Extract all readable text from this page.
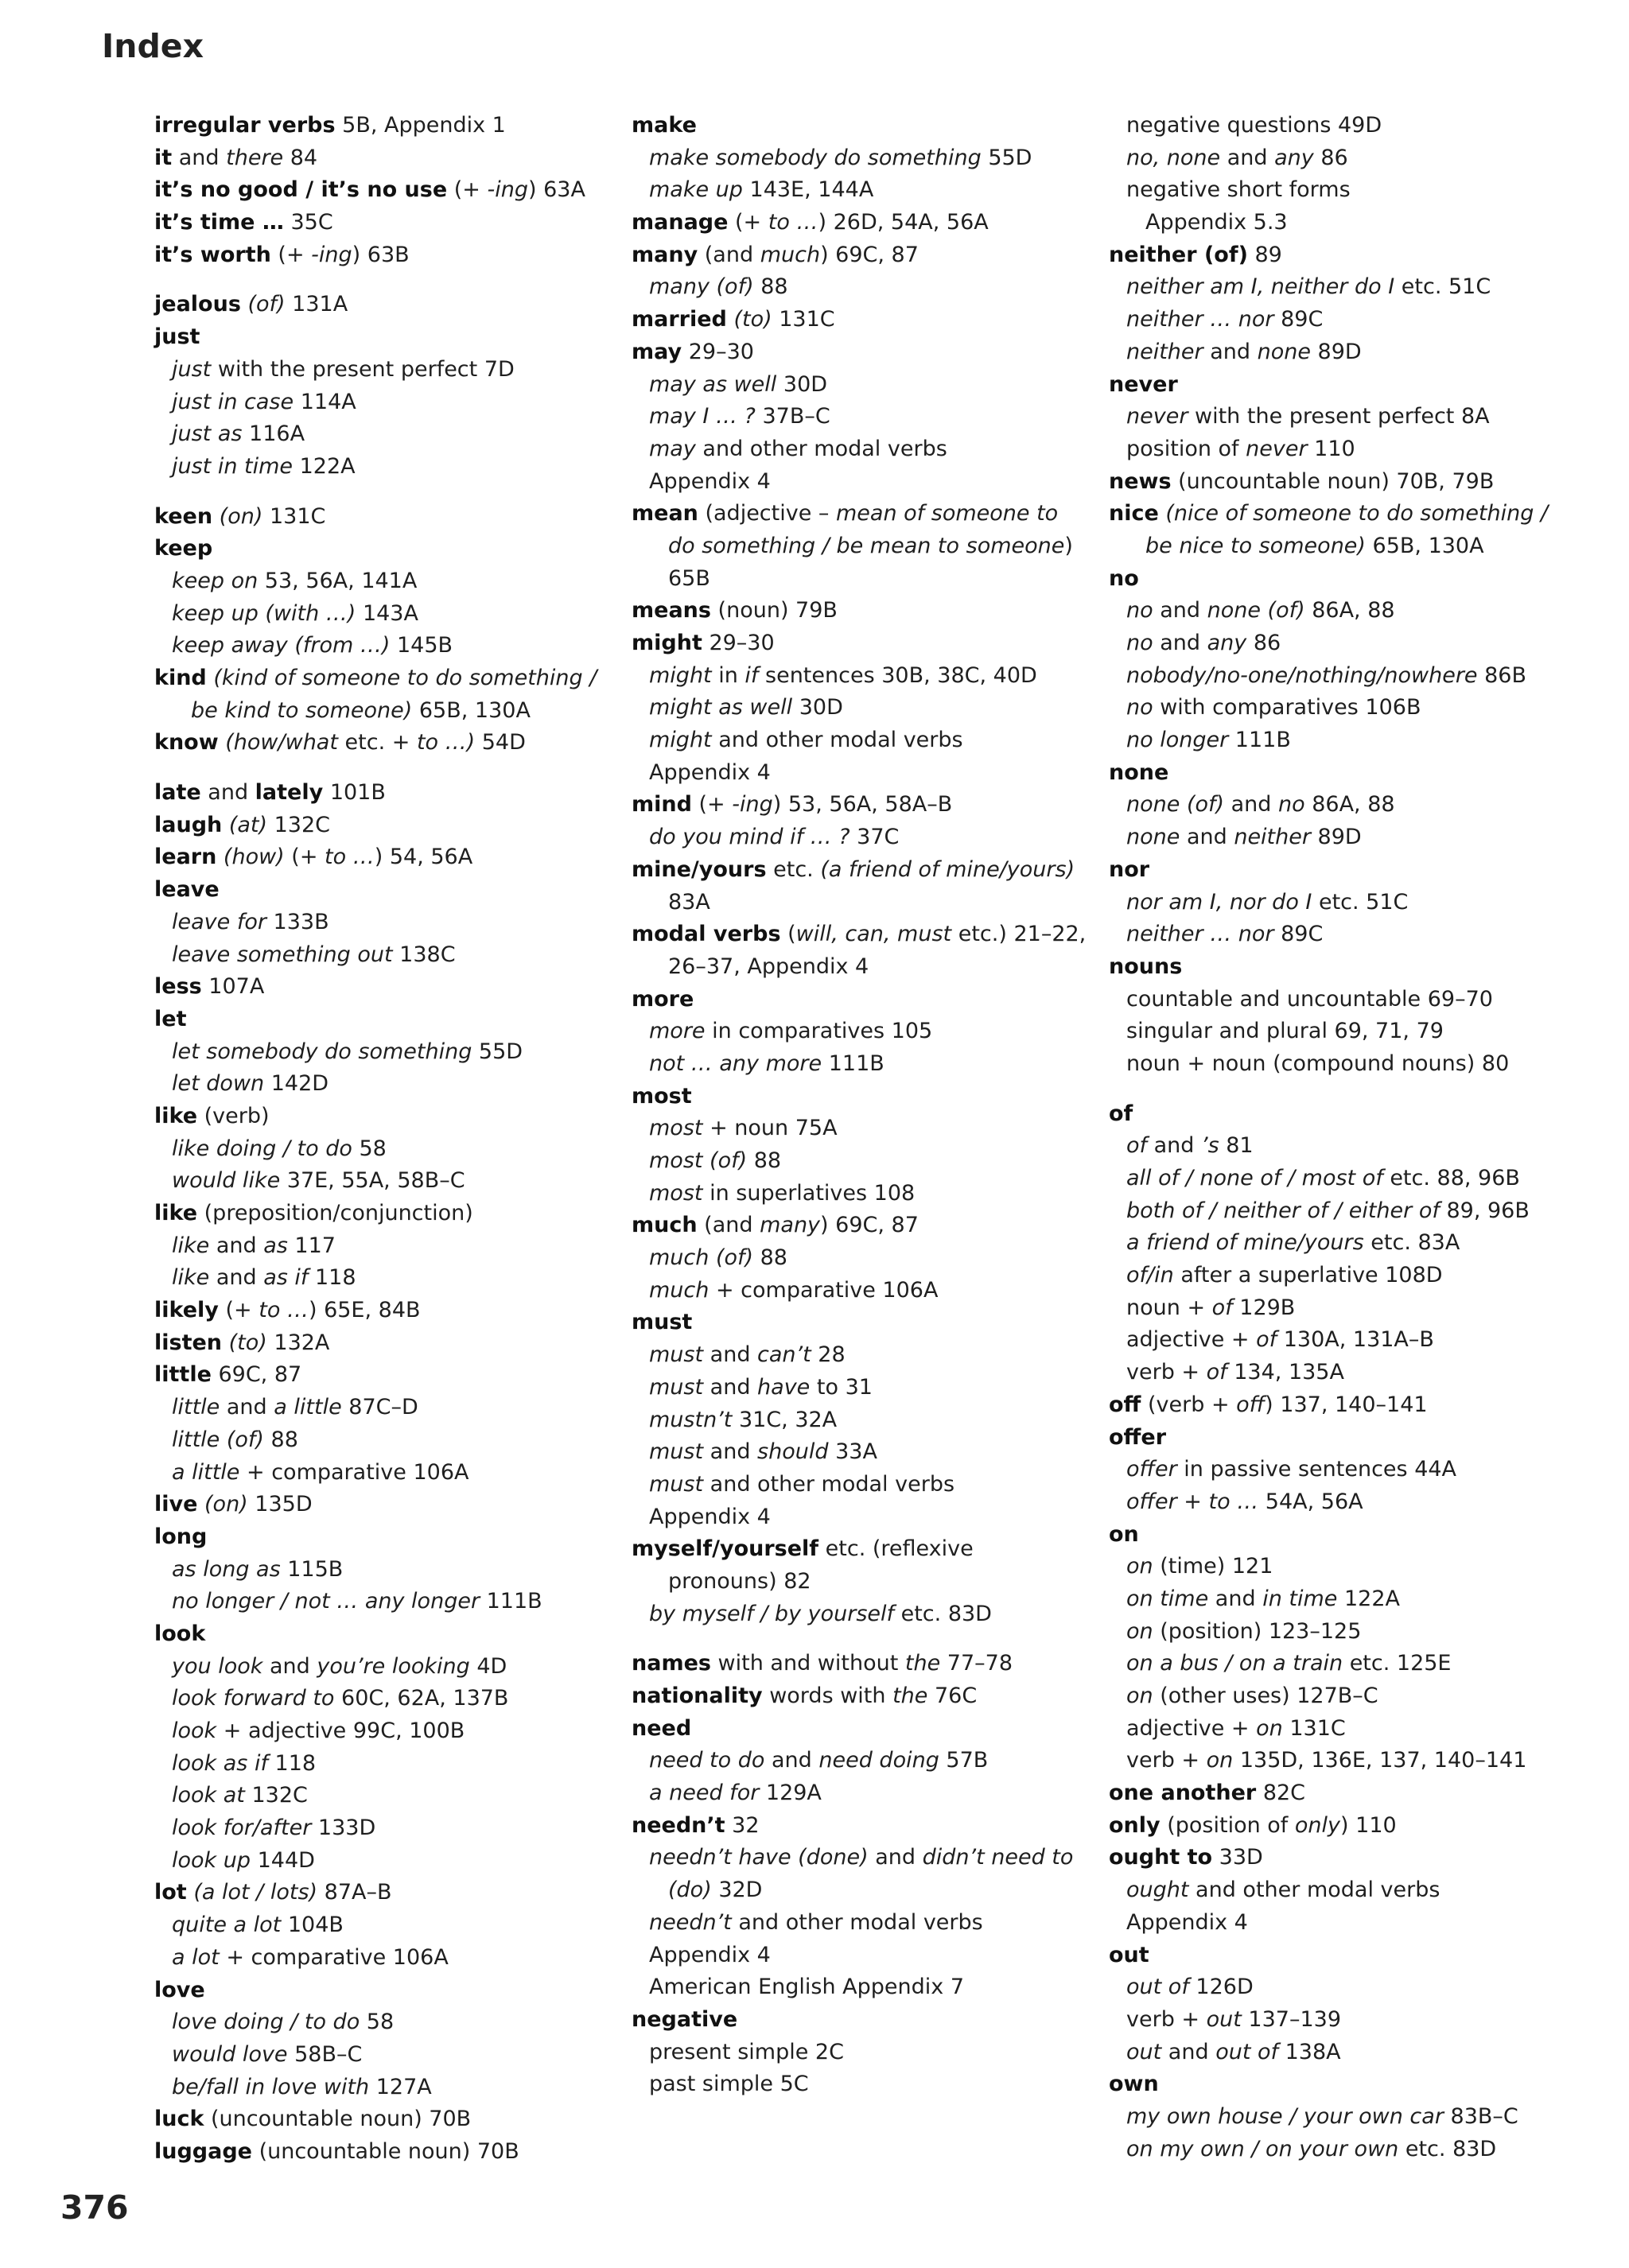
Index
irregular verbs 5B, Appendix 1
it and there 84
it’s no good / it’s no use (+ -ing) 63A
it’s time … 35C
it’s worth (+ -ing) 63B
jealous (of) 131A
just
just with the present perfect 7D
just in case 114A
just as 116A
just in time 122A
keen (on) 131C
keep
keep on 53, 56A, 141A
keep up (with …) 143A
keep away (from …) 145B
kind (kind of someone to do something /
be kind to someone) 65B, 130A
know (how/what etc. + to …) 54D
late and lately 101B
laugh (at) 132C
learn (how) (+ to …) 54, 56A
leave
leave for 133B
leave something out 138C
less 107A
let
let somebody do something 55D
let down 142D
like (verb)
like doing / to do 58
would like 37E, 55A, 58B–C
like (preposition/conjunction)
like and as 117
like and as if 118
likely (+ to …) 65E, 84B
listen (to) 132A
little 69C, 87
little and a little 87C–D
little (of) 88
a little + comparative 106A
live (on) 135D
long
as long as 115B
no longer / not … any longer 111B
look
you look and you’re looking 4D
look forward to 60C, 62A, 137B
look + adjective 99C, 100B
look as if 118
look at 132C
look for/after 133D
look up 144D
lot (a lot / lots) 87A–B
quite a lot 104B
a lot + comparative 106A
love
love doing / to do 58
would love 58B–C
be/fall in love with 127A
luck (uncountable noun) 70B
luggage (uncountable noun) 70B
make
make somebody do something 55D
make up 143E, 144A
manage (+ to …) 26D, 54A, 56A
many (and much) 69C, 87
many (of) 88
married (to) 131C
may 29–30
may as well 30D
may I … ? 37B–C
may and other modal verbs
Appendix 4
mean (adjective – mean of someone to
do something / be mean to someone)
65B
means (noun) 79B
might 29–30
might in if sentences 30B, 38C, 40D
might as well 30D
might and other modal verbs
Appendix 4
mind (+ -ing) 53, 56A, 58A–B
do you mind if … ? 37C
mine/yours etc. (a friend of mine/yours)
83A
modal verbs (will, can, must etc.) 21–22,
26–37, Appendix 4
more
more in comparatives 105
not … any more 111B
most
most + noun 75A
most (of) 88
most in superlatives 108
much (and many) 69C, 87
much (of) 88
much + comparative 106A
must
must and can’t 28
must and have to 31
mustn’t 31C, 32A
must and should 33A
must and other modal verbs
Appendix 4
myself/yourself etc. (reflexive
pronouns) 82
by myself / by yourself etc. 83D
names with and without the 77–78
nationality words with the 76C
need
need to do and need doing 57B
a need for 129A
needn’t 32
needn’t have (done) and didn’t need to
(do) 32D
needn’t and other modal verbs
Appendix 4
American English Appendix 7
negative
present simple 2C
past simple 5C
negative questions 49D
no, none and any 86
negative short forms
Appendix 5.3
neither (of) 89
neither am I, neither do I etc. 51C
neither … nor 89C
neither and none 89D
never
never with the present perfect 8A
position of never 110
news (uncountable noun) 70B, 79B
nice (nice of someone to do something /
be nice to someone) 65B, 130A
no
no and none (of) 86A, 88
no and any 86
nobody/no-one/nothing/nowhere 86B
no with comparatives 106B
no longer 111B
none
none (of) and no 86A, 88
none and neither 89D
nor
nor am I, nor do I etc. 51C
neither … nor 89C
nouns
countable and uncountable 69–70
singular and plural 69, 71, 79
noun + noun (compound nouns) 80
of
of and ’s 81
all of / none of / most of etc. 88, 96B
both of / neither of / either of 89, 96B
a friend of mine/yours etc. 83A
of/in after a superlative 108D
noun + of 129B
adjective + of 130A, 131A–B
verb + of 134, 135A
off (verb + off) 137, 140–141
offer
offer in passive sentences 44A
offer + to … 54A, 56A
on
on (time) 121
on time and in time 122A
on (position) 123–125
on a bus / on a train etc. 125E
on (other uses) 127B–C
adjective + on 131C
verb + on 135D, 136E, 137, 140–141
one another 82C
only (position of only) 110
ought to 33D
ought and other modal verbs
Appendix 4
out
out of 126D
verb + out 137–139
out and out of 138A
own
my own house / your own car 83B–C
on my own / on your own etc. 83D
376
